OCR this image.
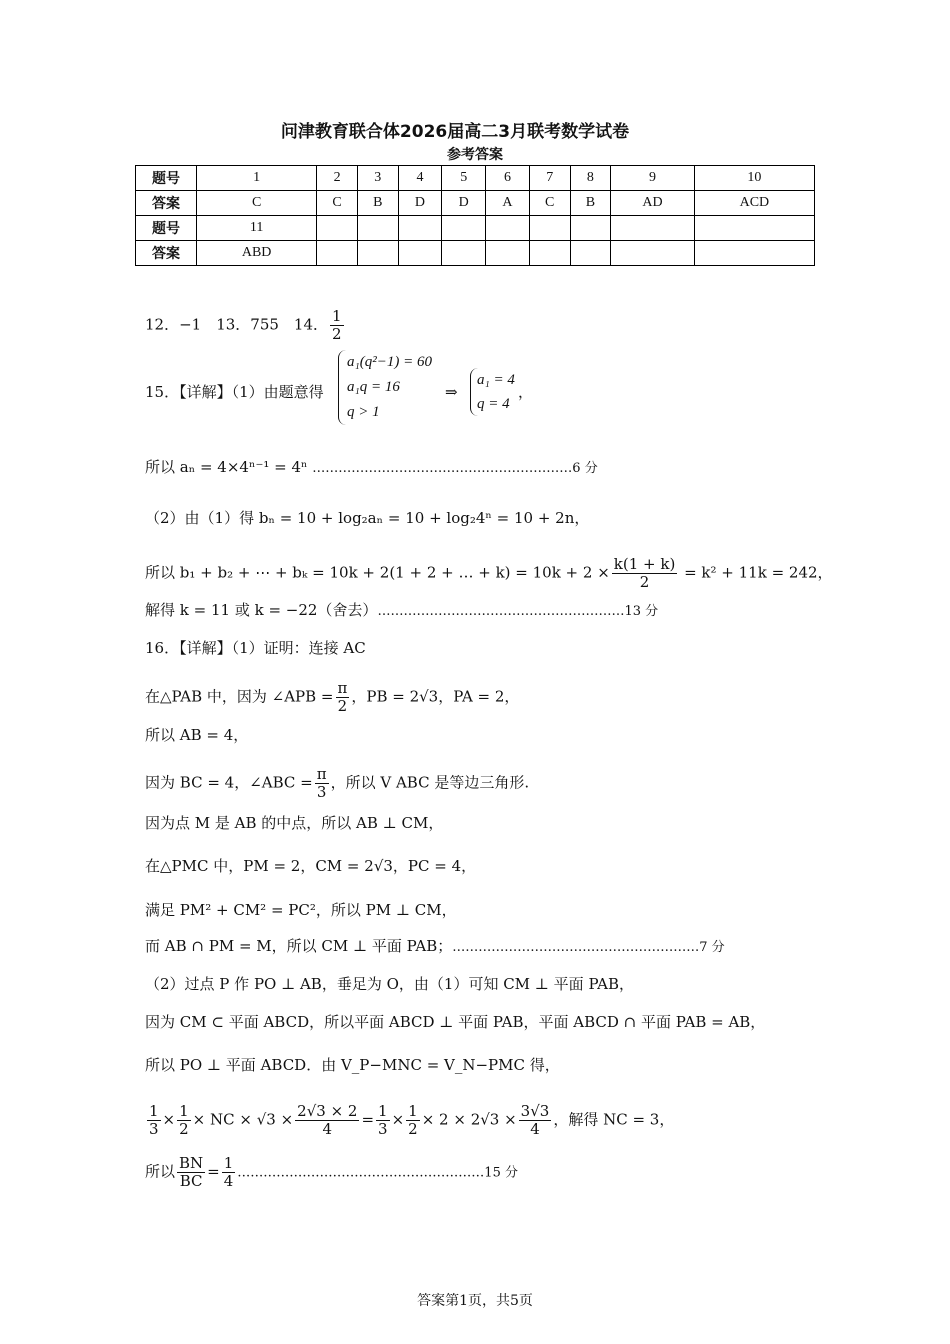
问津教育联合体2026届高二3月联考数学试卷
参考答案
题号	1	2	3	4	5	6	7	8	9	10
答案	C	C	B	D	D	A	C	B	AD	ACD
题号	11									
答案	ABD									
12．−1　13．755　14． $\frac{1}{2}$
15．【详解】（1）由题意得
a₁(q²−1) = 60
a₁q = 16
q > 1
⇒
a₁ = 4
q = 4
，
所以 aₙ = 4×4ⁿ⁻¹ = 4ⁿ ……………………………………………………6 分
（2）由（1）得 bₙ = 10 + log₂aₙ = 10 + log₂4ⁿ = 10 + 2n，
所以 b₁ + b₂ + ⋯ + bₖ = 10k + 2(1 + 2 + … + $k) = 10k + 2 \times \frac{k(1 + k)}{2} = k^2 + 11k = 242$，
解得 k = 11 或 k = −22（舍去）…………………………………………………13 分
16．【详解】（1）证明：连接 AC
在△PAB 中，因为 ∠APB = $\frac{\pi}{2}$ ，PB = 2√3，PA = 2，
所以 AB = 4，
因为 BC = 4，∠ABC = $\frac{\pi}{3}$ ，所以 V ABC 是等边三角形.
因为点 M 是 AB 的中点，所以 AB ⊥ CM，
在△PMC 中，PM = 2，CM = 2√3，PC = 4，
满足 PM² + CM² = PC²，所以 PM ⊥ CM，
而 AB ∩ PM = M，所以 CM ⊥ 平面 PAB；…………………………………………………7 分
（2）过点 P 作 PO ⊥ AB，垂足为 O，由（1）可知 CM ⊥ 平面 PAB，
因为 CM ⊂ 平面 ABCD，所以平面 ABCD ⊥ 平面 PAB，平面 ABCD ∩ 平面 PAB = AB，
所以 PO ⊥ 平面 ABCD．由 V_P−MNC = V_N−PMC 得，
$\frac{1}{3} \times \frac{1}{2}$ × NC × $√3 \times \frac{2√3 \times 2}{4} = \frac{1}{3} \times \frac{1}{2} \times 2 \times 2√3 \times \frac{3√3}{4}$ ，解得 NC = 3，
所以 $\frac{BN}{BC} = \frac{1}{4}$ …………………………………………………15 分
答案第1页，共5页
